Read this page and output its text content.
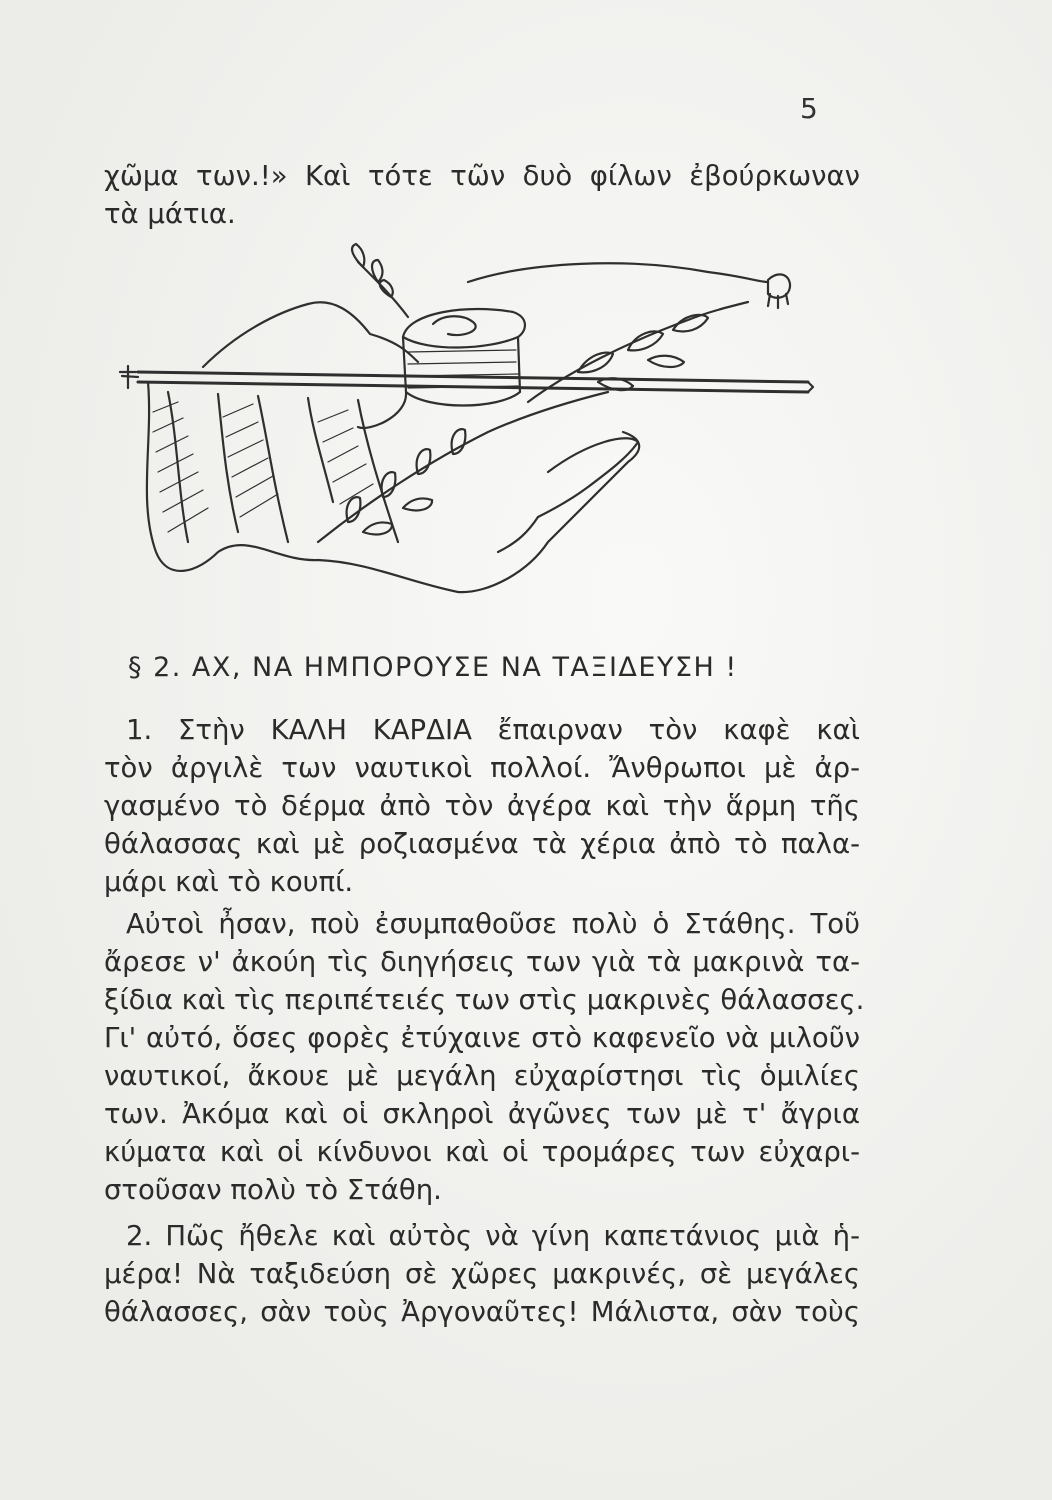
5
χῶμα των.!» Καὶ τότε τῶν δυὸ φίλων ἐβούρκωναν
τὰ μάτια.
§ 2. ΑΧ, ΝΑ ΗΜΠΟΡΟΥΣΕ ΝΑ ΤΑΞΙΔΕΥΣΗ !
1. Στὴν ΚΑΛΗ ΚΑΡΔΙΑ ἔπαιρναν τὸν καφὲ καὶ
τὸν ἀργιλὲ των ναυτικοὶ πολλοί. Ἄνθρωποι μὲ ἀρ-
γασμένο τὸ δέρμα ἀπὸ τὸν ἀγέρα καὶ τὴν ἅρμη τῆς
θάλασσας καὶ μὲ ροζιασμένα τὰ χέρια ἀπὸ τὸ παλα-
μάρι καὶ τὸ κουπί.
Αὐτοὶ ἦσαν, ποὺ ἐσυμπαθοῦσε πολὺ ὁ Στάθης. Τοῦ
ἄρεσε ν' ἀκούη τὶς διηγήσεις των γιὰ τὰ μακρινὰ τα-
ξίδια καὶ τὶς περιπέτειές των στὶς μακρινὲς θάλασσες.
Γι' αὐτό, ὅσες φορὲς ἐτύχαινε στὸ καφενεῖο νὰ μιλοῦν
ναυτικοί, ἄκουε μὲ μεγάλη εὐχαρίστησι τὶς ὁμιλίες
των. Ἀκόμα καὶ οἱ σκληροὶ ἀγῶνες των μὲ τ' ἄγρια
κύματα καὶ οἱ κίνδυνοι καὶ οἱ τρομάρες των εὐχαρι-
στοῦσαν πολὺ τὸ Στάθη.
2. Πῶς ἤθελε καὶ αὐτὸς νὰ γίνη καπετάνιος μιὰ ἡ-
μέρα! Νὰ ταξιδεύση σὲ χῶρες μακρινές, σὲ μεγάλες
θάλασσες, σὰν τοὺς Ἀργοναῦτες! Μάλιστα, σὰν τοὺς
